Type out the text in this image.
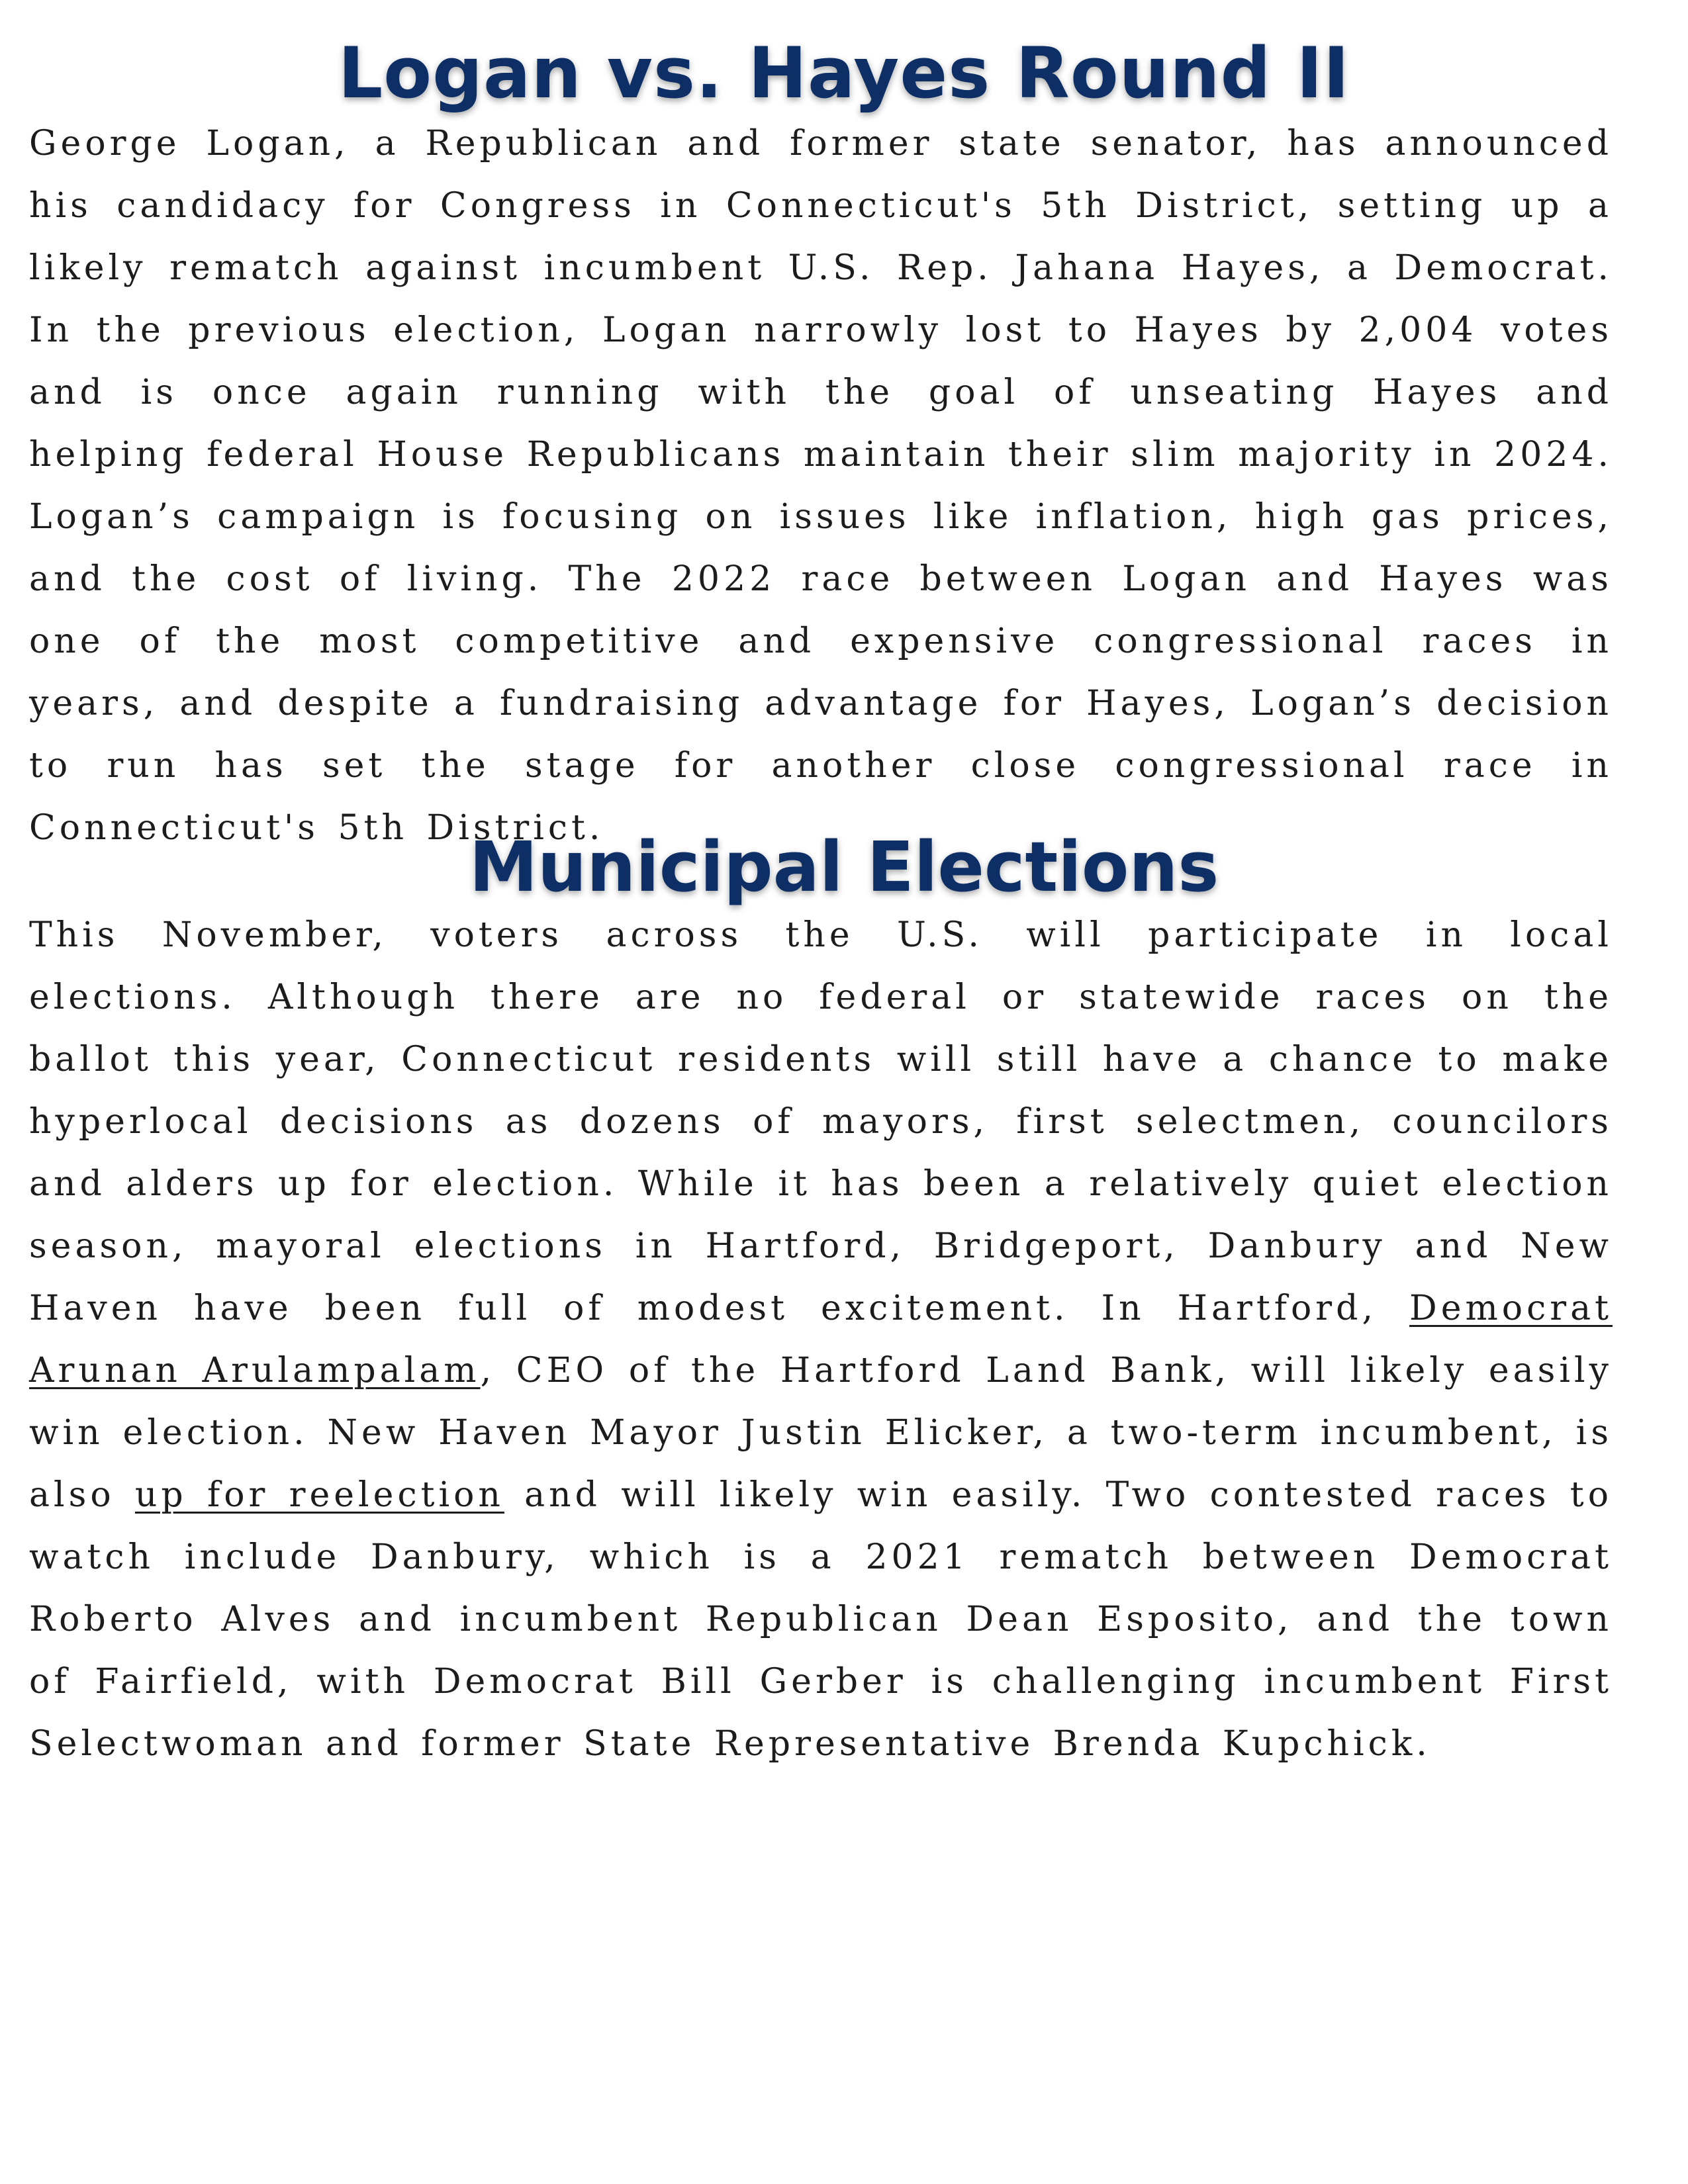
Logan vs. Hayes Round II

George Logan, a Republican and former state senator, has announced his candidacy for Congress in Connecticut's 5th District, setting up a likely rematch against incumbent U.S. Rep. Jahana Hayes, a Democrat. In the previous election, Logan narrowly lost to Hayes by 2,004 votes and is once again running with the goal of unseating Hayes and helping federal House Republicans maintain their slim majority in 2024. Logan’s campaign is focusing on issues like inflation, high gas prices, and the cost of living. The 2022 race between Logan and Hayes was one of the most competitive and expensive congressional races in years, and despite a fundraising advantage for Hayes, Logan’s decision to run has set the stage for another close congressional race in Connecticut's 5th District.

Municipal Elections

This November, voters across the U.S. will participate in local elections. Although there are no federal or statewide races on the ballot this year, Connecticut residents will still have a chance to make hyperlocal decisions as dozens of mayors, first selectmen, councilors and alders up for election. While it has been a relatively quiet election season, mayoral elections in Hartford, Bridgeport, Danbury and New Haven have been full of modest excitement. In Hartford, Democrat Arunan Arulampalam, CEO of the Hartford Land Bank, will likely easily win election. New Haven Mayor Justin Elicker, a two-term incumbent, is also up for reelection and will likely win easily. Two contested races to watch include Danbury, which is a 2021 rematch between Democrat Roberto Alves and incumbent Republican Dean Esposito, and the town of Fairfield, with Democrat Bill Gerber is challenging incumbent First Selectwoman and former State Representative Brenda Kupchick.
